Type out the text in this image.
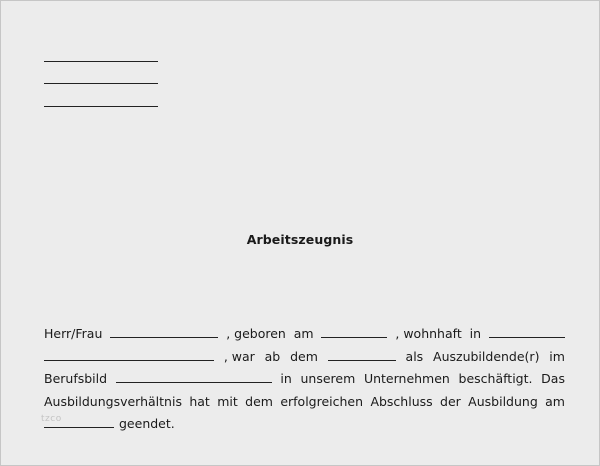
Arbeitszeugnis
Herr/Frau	, geboren am	, wohnhaft in
, war ab dem	als Auszubildende(r) im
Berufsbild	in unserem Unternehmen beschäftigt. Das
Ausbildungsverhältnis hat mit dem erfolgreichen Abschluss der Ausbildung am
geendet.
tzco
